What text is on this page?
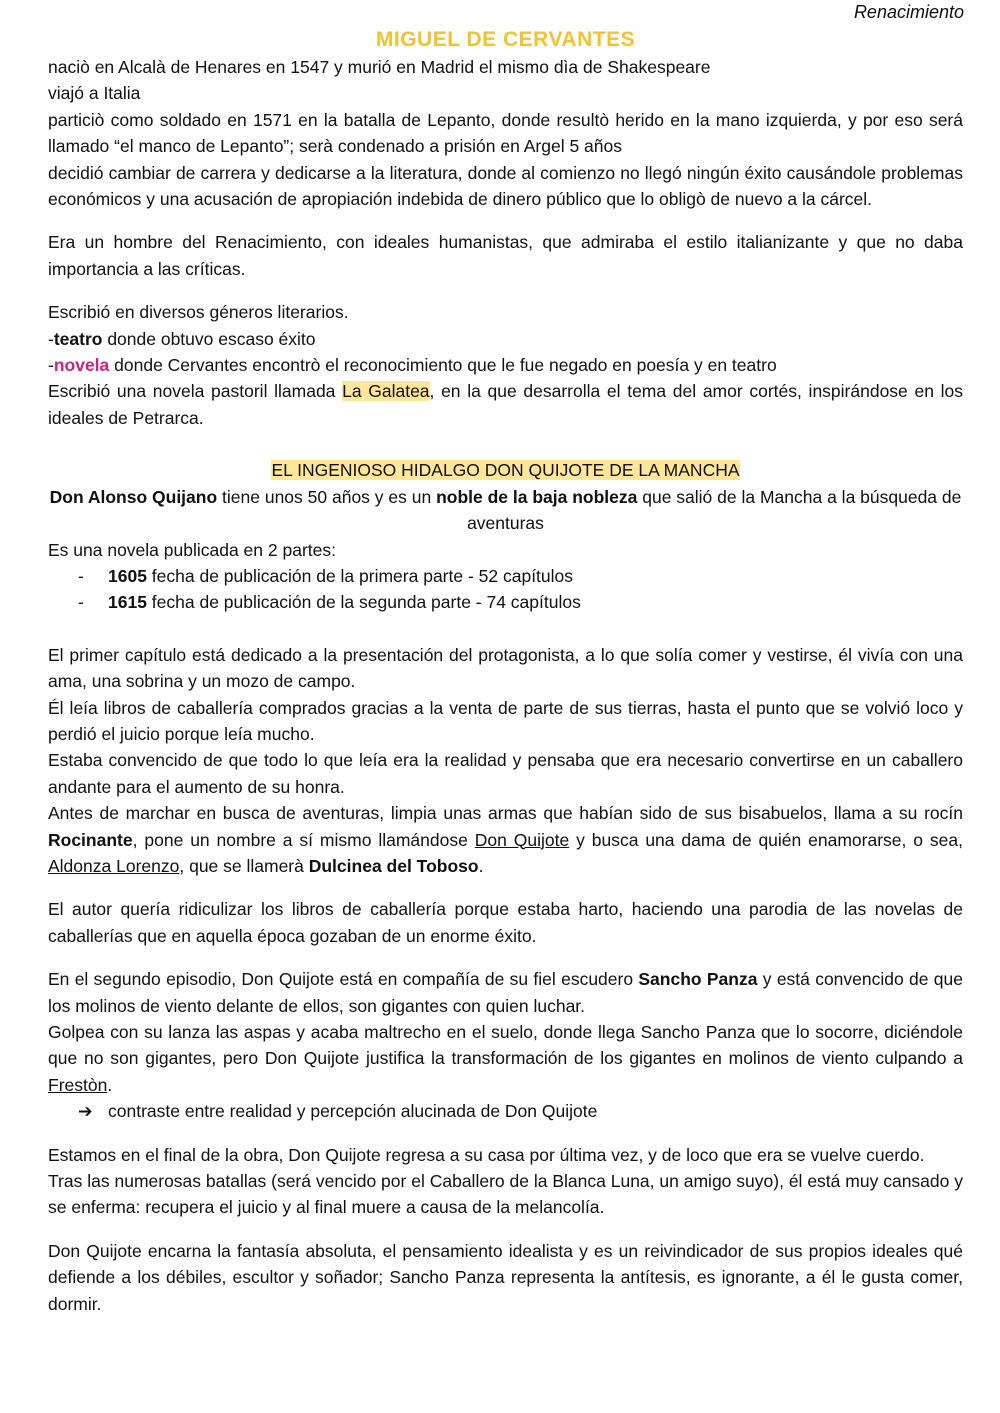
Renacimiento
MIGUEL DE CERVANTES

naciò en Alcalà de Henares en 1547 y murió en Madrid el mismo dìa de Shakespeare

viajó a Italia

particiò como soldado en 1571 en la batalla de Lepanto, donde resultò herido en la mano izquierda, y por eso será llamado “el manco de Lepanto”; serà condenado a prisión en Argel 5 años

decidió cambiar de carrera y dedicarse a la literatura, donde al comienzo no llegó ningún éxito causándole problemas económicos y una acusación de apropiación indebida de dinero público que lo obligò de nuevo a la cárcel.

Era un hombre del Renacimiento, con ideales humanistas, que admiraba el estilo italianizante y que no daba importancia a las críticas.

Escribió en diversos géneros literarios.

-teatro donde obtuvo escaso éxito

-novela donde Cervantes encontrò el reconocimiento que le fue negado en poesía y en teatro

Escribió una novela pastoril llamada La Galatea, en la que desarrolla el tema del amor cortés, inspirándose en los ideales de Petrarca.

EL INGENIOSO HIDALGO DON QUIJOTE DE LA MANCHA

Don Alonso Quijano tiene unos 50 años y es un noble de la baja nobleza que salió de la Mancha a la búsqueda de aventuras

Es una novela publicada en 2 partes:

- 1605 fecha de publicación de la primera parte - 52 capítulos
- 1615 fecha de publicación de la segunda parte - 74 capítulos

El primer capítulo está dedicado a la presentación del protagonista, a lo que solía comer y vestirse, él vivía con una ama, una sobrina y un mozo de campo.

Él leía libros de caballería comprados gracias a la venta de parte de sus tierras, hasta el punto que se volvió loco y perdió el juicio porque leía mucho.

Estaba convencido de que todo lo que leía era la realidad y pensaba que era necesario convertirse en un caballero andante para el aumento de su honra.

Antes de marchar en busca de aventuras, limpia unas armas que habían sido de sus bisabuelos, llama a su rocín Rocinante, pone un nombre a sí mismo llamándose Don Quijote y busca una dama de quién enamorarse, o sea, Aldonza Lorenzo, que se llamerà Dulcinea del Toboso.

El autor quería ridiculizar los libros de caballería porque estaba harto, haciendo una parodia de las novelas de caballerías que en aquella época gozaban de un enorme éxito.

En el segundo episodio, Don Quijote está en compañía de su fiel escudero Sancho Panza y está convencido de que los molinos de viento delante de ellos, son gigantes con quien luchar.

Golpea con su lanza las aspas y acaba maltrecho en el suelo, donde llega Sancho Panza que lo socorre, diciéndole que no son gigantes, pero Don Quijote justifica la transformación de los gigantes en molinos de viento culpando a Frestòn.

➔ contraste entre realidad y percepción alucinada de Don Quijote

Estamos en el final de la obra, Don Quijote regresa a su casa por última vez, y de loco que era se vuelve cuerdo.

Tras las numerosas batallas (será vencido por el Caballero de la Blanca Luna, un amigo suyo), él está muy cansado y se enferma: recupera el juicio y al final muere a causa de la melancolía.

Don Quijote encarna la fantasía absoluta, el pensamiento idealista y es un reivindicador de sus propios ideales qué defiende a los débiles, escultor y soñador; Sancho Panza representa la antítesis, es ignorante, a él le gusta comer, dormir.
